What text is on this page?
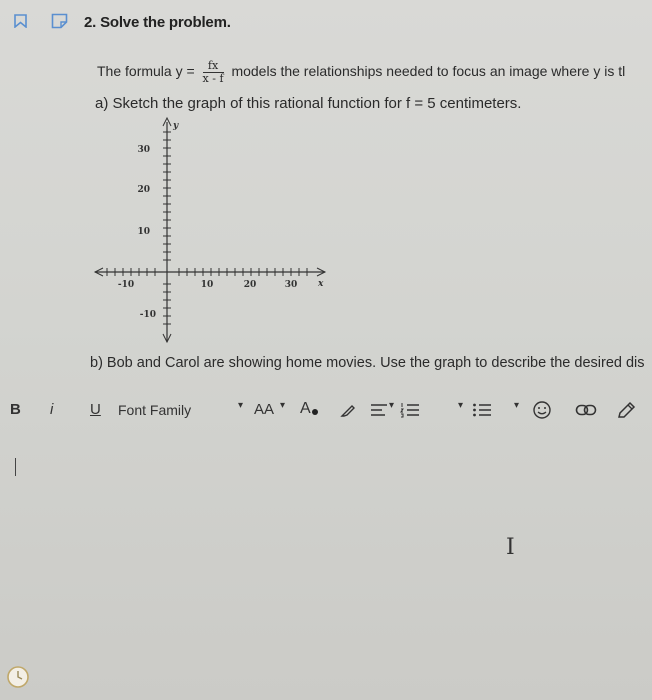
2. Solve the problem.
The formula $y = \frac{fx}{x - f}$ models the relationships needed to focus an image where y is tl
a) Sketch the graph of this rational function for f = 5 centimeters.
y
x
30
20
10
-10
-10	10	20	30
b) Bob and Carol are showing home movies. Use the graph to describe the desired dis
B i U Font Family	▾ AA ▾ A	▾	▾	▾
I
